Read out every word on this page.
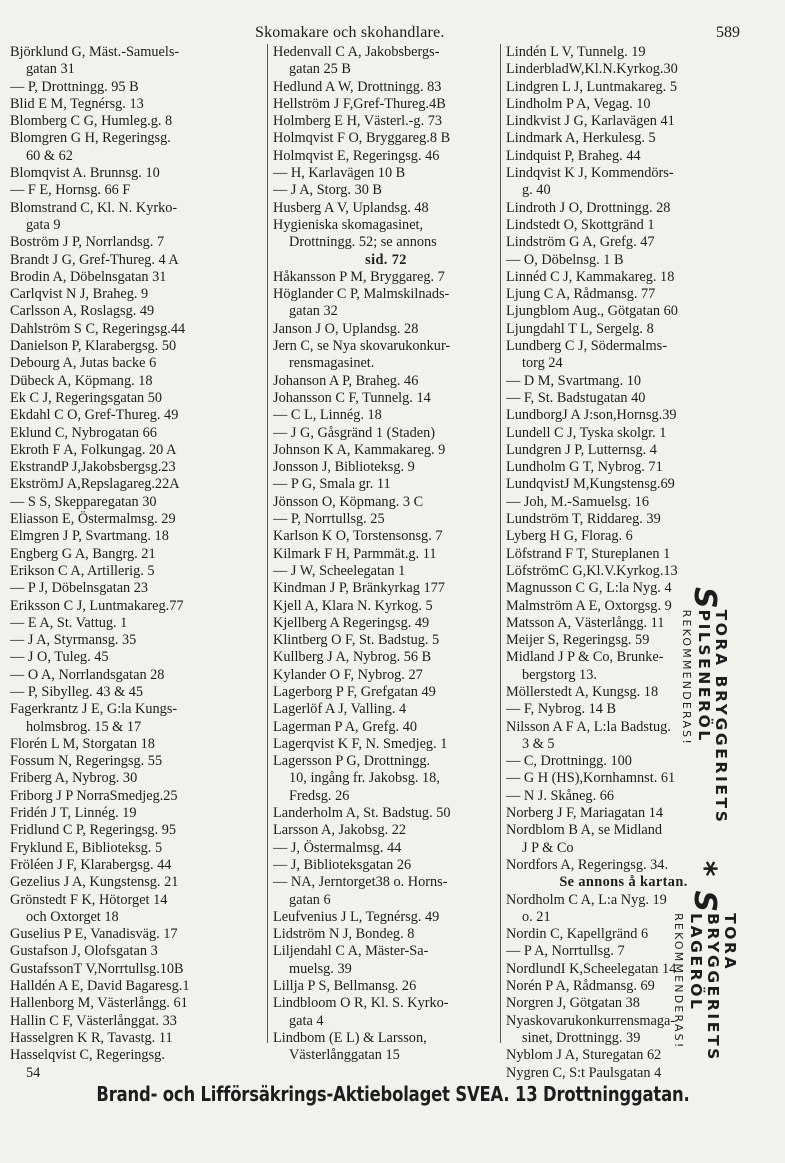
Skomakare och skohandlare.	589
Björklund G, Mäst.-Samuels-
gatan 31
— P, Drottningg. 95 B
Blid E M, Tegnérsg. 13
Blomberg C G, Humleg.g. 8
Blomgren G H, Regeringsg.
60 & 62
Blomqvist A. Brunnsg. 10
— F E, Hornsg. 66 F
Blomstrand C, Kl. N. Kyrko-
gata 9
Boström J P, Norrlandsg. 7
Brandt J G, Gref-Thureg. 4 A
Brodin A, Döbelnsgatan 31
Carlqvist N J, Braheg. 9
Carlsson A, Roslagsg. 49
Dahlström S C, Regeringsg.44
Danielson P, Klarabergsg. 50
Debourg A, Jutas backe 6
Dübeck A, Köpmang. 18
Ek C J, Regeringsgatan 50
Ekdahl C O, Gref-Thureg. 49
Eklund C, Nybrogatan 66
Ekroth F A, Folkungag. 20 A
EkstrandP J,Jakobsbergsg.23
EkströmJ A,Repslagareg.22A
— S S, Skepparegatan 30
Eliasson E, Östermalmsg. 29
Elmgren J P, Svartmang. 18
Engberg G A, Bangrg. 21
Erikson C A, Artillerig. 5
— P J, Döbelnsgatan 23
Eriksson C J, Luntmakareg.77
— E A, St. Vattug. 1
— J A, Styrmansg. 35
— J O, Tuleg. 45
— O A, Norrlandsgatan 28
— P, Sibylleg. 43 & 45
Fagerkrantz J E, G:la Kungs-
holmsbrog. 15 & 17
Florén L M, Storgatan 18
Fossum N, Regeringsg. 55
Friberg A, Nybrog. 30
Friborg J P NorraSmedjeg.25
Fridén J T, Linnég. 19
Fridlund C P, Regeringsg. 95
Fryklund E, Biblioteksg. 5
Fröléen J F, Klarabergsg. 44
Gezelius J A, Kungstensg. 21
Grönstedt F K, Hötorget 14
och Oxtorget 18
Guselius P E, Vanadisväg. 17
Gustafson J, Olofsgatan 3
GustafssonT V,Norrtullsg.10B
Halldén A E, David Bagaresg.1
Hallenborg M, Västerlångg. 61
Hallin C F, Västerlånggat. 33
Hasselgren K R, Tavastg. 11
Hasselqvist C, Regeringsg.
54
Hedenvall C A, Jakobsbergs-
gatan 25 B
Hedlund A W, Drottningg. 83
Hellström J F,Gref-Thureg.4B
Holmberg E H, Västerl.-g. 73
Holmqvist F O, Bryggareg.8 B
Holmqvist E, Regeringsg. 46
— H, Karlavägen 10 B
— J A, Storg. 30 B
Husberg A V, Uplandsg. 48
Hygieniska skomagasinet,
Drottningg. 52; se annons
sid. 72
Håkansson P M, Bryggareg. 7
Höglander C P, Malmskilnads-
gatan 32
Janson J O, Uplandsg. 28
Jern C, se Nya skovarukonkur-
rensmagasinet.
Johanson A P, Braheg. 46
Johansson C F, Tunnelg. 14
— C L, Linnég. 18
— J G, Gåsgränd 1 (Staden)
Johnson K A, Kammakareg. 9
Jonsson J, Biblioteksg. 9
— P G, Smala gr. 11
Jönsson O, Köpmang. 3 C
— P, Norrtullsg. 25
Karlson K O, Torstensonsg. 7
Kilmark F H, Parmmät.g. 11
— J W, Scheelegatan 1
Kindman J P, Bränkyrkag 177
Kjell A, Klara N. Kyrkog. 5
Kjellberg A Regeringsg. 49
Klintberg O F, St. Badstug. 5
Kullberg J A, Nybrog. 56 B
Kylander O F, Nybrog. 27
Lagerborg P F, Grefgatan 49
Lagerlöf A J, Valling. 4
Lagerman P A, Grefg. 40
Lagerqvist K F, N. Smedjeg. 1
Lagersson P G, Drottningg.
10, ingång fr. Jakobsg. 18,
Fredsg. 26
Landerholm A, St. Badstug. 50
Larsson A, Jakobsg. 22
— J, Östermalmsg. 44
— J, Biblioteksgatan 26
— NA, Jerntorget38 o. Horns-
gatan 6
Leufvenius J L, Tegnérsg. 49
Lidström N J, Bondeg. 8
Liljendahl C A, Mäster-Sa-
muelsg. 39
Lillja P S, Bellmansg. 26
Lindbloom O R, Kl. S. Kyrko-
gata 4
Lindbom (E L) & Larsson,
Västerlånggatan 15
Lindén L V, Tunnelg. 19
LinderbladW,Kl.N.Kyrkog.30
Lindgren L J, Luntmakareg. 5
Lindholm P A, Vegag. 10
Lindkvist J G, Karlavägen 41
Lindmark A, Herkulesg. 5
Lindquist P, Braheg. 44
Lindqvist K J, Kommendörs-
g. 40
Lindroth J O, Drottningg. 28
Lindstedt O, Skottgränd 1
Lindström G A, Grefg. 47
— O, Döbelnsg. 1 B
Linnéd C J, Kammakareg. 18
Ljung C A, Rådmansg. 77
Ljungblom Aug., Götgatan 60
Ljungdahl T L, Sergelg. 8
Lundberg C J, Södermalms-
torg 24
— D M, Svartmang. 10
— F, St. Badstugatan 40
LundborgJ A J:son,Hornsg.39
Lundell C J, Tyska skolgr. 1
Lundgren J P, Lutternsg. 4
Lundholm G T, Nybrog. 71
LundqvistJ M,Kungstensg.69
— Joh, M.-Samuelsg. 16
Lundström T, Riddareg. 39
Lyberg H G, Florag. 6
Löfstrand F T, Stureplanen 1
LöfströmC G,Kl.V.Kyrkog.13
Magnusson C G, L:la Nyg. 4
Malmström A E, Oxtorgsg. 9
Matsson A, Västerlångg. 11
Meijer S, Regeringsg. 59
Midland J P & Co, Brunke-
bergstorg 13.
Möllerstedt A, Kungsg. 18
— F, Nybrog. 14 B
Nilsson A F A, L:la Badstug.
3 & 5
— C, Drottningg. 100
— G H (HS),Kornhamnst. 61
— N J. Skåneg. 66
Norberg J F, Mariagatan 14
Nordblom B A, se Midland
J P & Co
Nordfors A, Regeringsg. 34.
Se annons å kartan.
Nordholm C A, L:a Nyg. 19
o. 21
Nordin C, Kapellgränd 6
— P A, Norrtullsg. 7
NordlundI K,Scheelegatan 14
Norén P A, Rådmansg. 69
Norgren J, Götgatan 38
Nyaskovarukonkurrensmaga-
sinet, Drottningg. 39
Nyblom J A, Sturegatan 62
Nygren C, S:t Paulsgatan 4
S
TORA BRYGGERIETS PILSENERÖL
REKOMMENDERAS!
*
S
TORA BRYGGERIETS LAGERÖL
REKOMMENDERAS!
Brand- och Lifförsäkrings-Aktiebolaget SVEA. 13 Drottninggatan.
